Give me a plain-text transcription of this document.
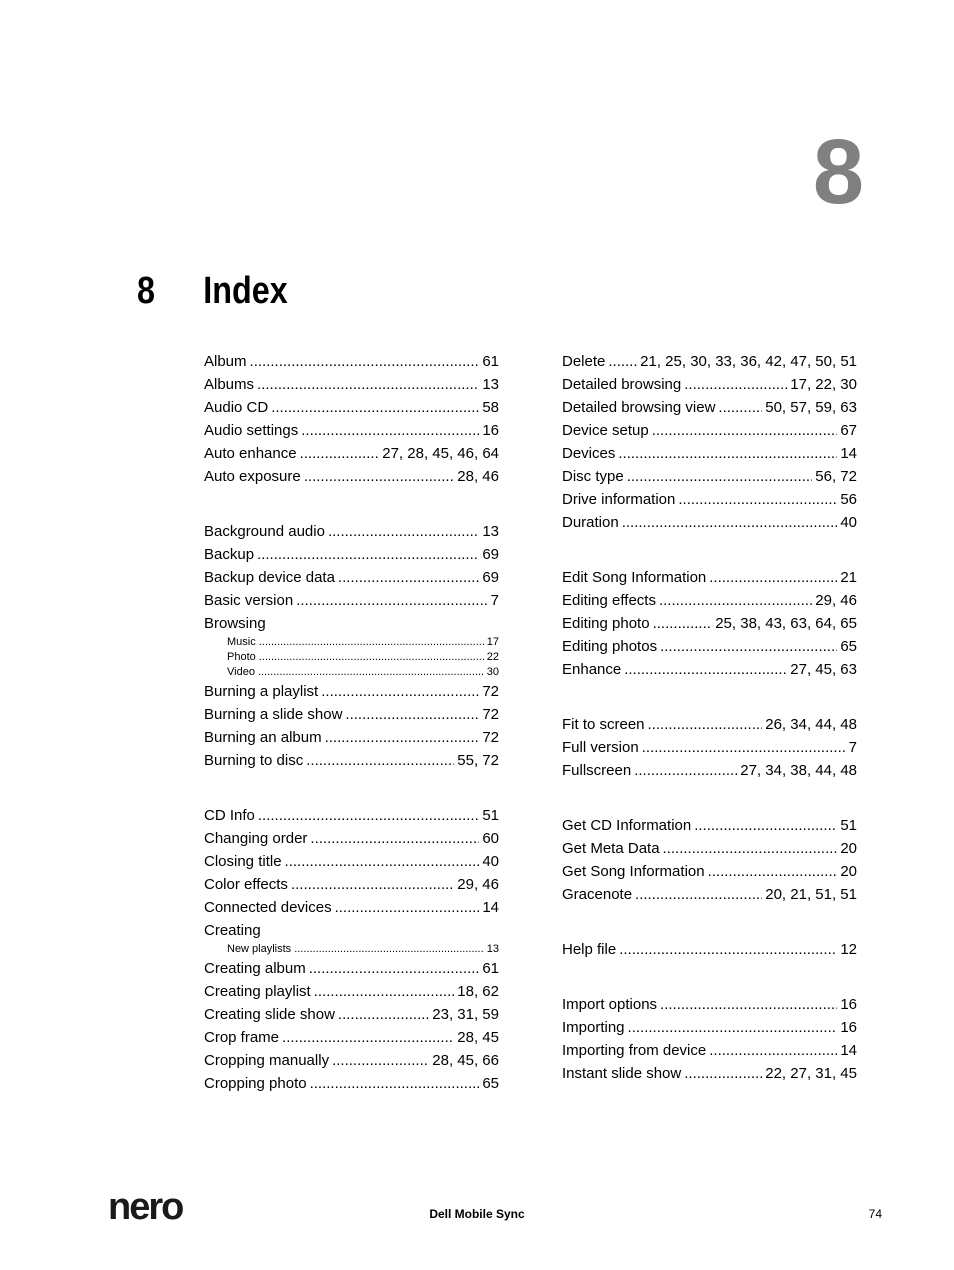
8
8 Index
Album .....	61
Albums .....	13
Audio CD .....	58
Audio settings .....	16
Auto enhance .....	27, 28, 45, 46, 64
Auto exposure .....	28, 46
Background audio .....	13
Backup .....	69
Backup device data .....	69
Basic version .....	7
Browsing
Music .....	17
Photo .....	22
Video .....	30
Burning a playlist .....	72
Burning a slide show .....	72
Burning an album .....	72
Burning to disc .....	55, 72
CD Info .....	51
Changing order .....	60
Closing title .....	40
Color effects .....	29, 46
Connected devices .....	14
Creating
New playlists .....	13
Creating album .....	61
Creating playlist .....	18, 62
Creating slide show .....	23, 31, 59
Crop frame .....	28, 45
Cropping manually .....	28, 45, 66
Cropping photo .....	65
Delete ..... 21, 25, 30, 33, 36, 42, 47, 50, 51
Detailed browsing .....	17, 22, 30
Detailed browsing view .....	50, 57, 59, 63
Device setup .....	67
Devices .....	14
Disc type .....	56, 72
Drive information .....	56
Duration .....	40
Edit Song Information .....	21
Editing effects .....	29, 46
Editing photo .....	25, 38, 43, 63, 64, 65
Editing photos .....	65
Enhance .....	27, 45, 63
Fit to screen .....	26, 34, 44, 48
Full version .....	7
Fullscreen .....	27, 34, 38, 44, 48
Get CD Information .....	51
Get Meta Data .....	20
Get Song Information .....	20
Gracenote .....	20, 21, 51, 51
Help file .....	12
Import options .....	16
Importing .....	16
Importing from device .....	14
Instant slide show .....	22, 27, 31, 45
nero	Dell Mobile Sync	74
